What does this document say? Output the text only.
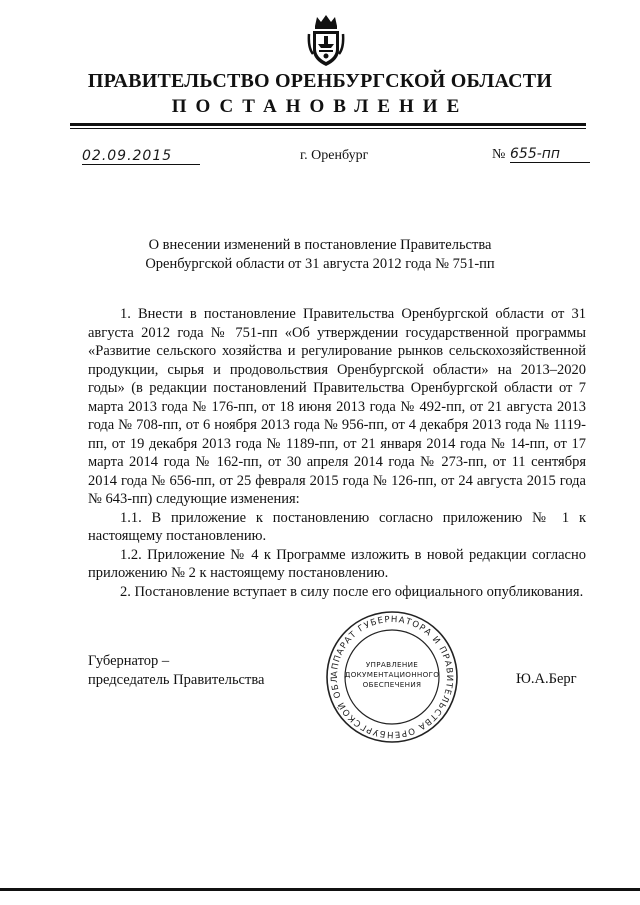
ПРАВИТЕЛЬСТВО ОРЕНБУРГСКОЙ ОБЛАСТИ
ПОСТАНОВЛЕНИЕ
02.09.2015	г. Оренбург	№ 655-пп
О внесении изменений в постановление Правительства
Оренбургской области от 31 августа 2012 года № 751-пп

1. Внести в постановление Правительства Оренбургской области от 31 августа 2012 года № 751-пп «Об утверждении государственной программы «Развитие сельского хозяйства и регулирование рынков сельскохозяйственной продукции, сырья и продовольствия Оренбургской области» на 2013–2020 годы» (в редакции постановлений Правительства Оренбургской области от 7 марта 2013 года № 176-пп, от 18 июня 2013 года № 492-пп, от 21 августа 2013 года № 708-пп, от 6 ноября 2013 года № 956-пп, от 4 декабря 2013 года № 1119-пп, от 19 декабря 2013 года № 1189-пп, от 21 января 2014 года № 14-пп, от 17 марта 2014 года № 162-пп, от 30 апреля 2014 года № 273-пп, от 11 сентября 2014 года № 656-пп, от 25 февраля 2015 года № 126-пп, от 24 августа 2015 года № 643-пп) следующие изменения:

1.1. В приложение к постановлению согласно приложению № 1 к настоящему постановлению.

1.2. Приложение № 4 к Программе изложить в новой редакции согласно приложению № 2 к настоящему постановлению.

2. Постановление вступает в силу после его официального опубликования.

Губернатор –
председатель Правительства	АППАРАТ ГУБЕРНАТОРА И ПРАВИТЕЛЬСТВА ОРЕНБУРГСКОЙ ОБЛ
УПРАВЛЕНИЕ
ДОКУМЕНТАЦИОННОГО
ОБЕСПЕЧЕНИЯ	Ю.А.Берг
